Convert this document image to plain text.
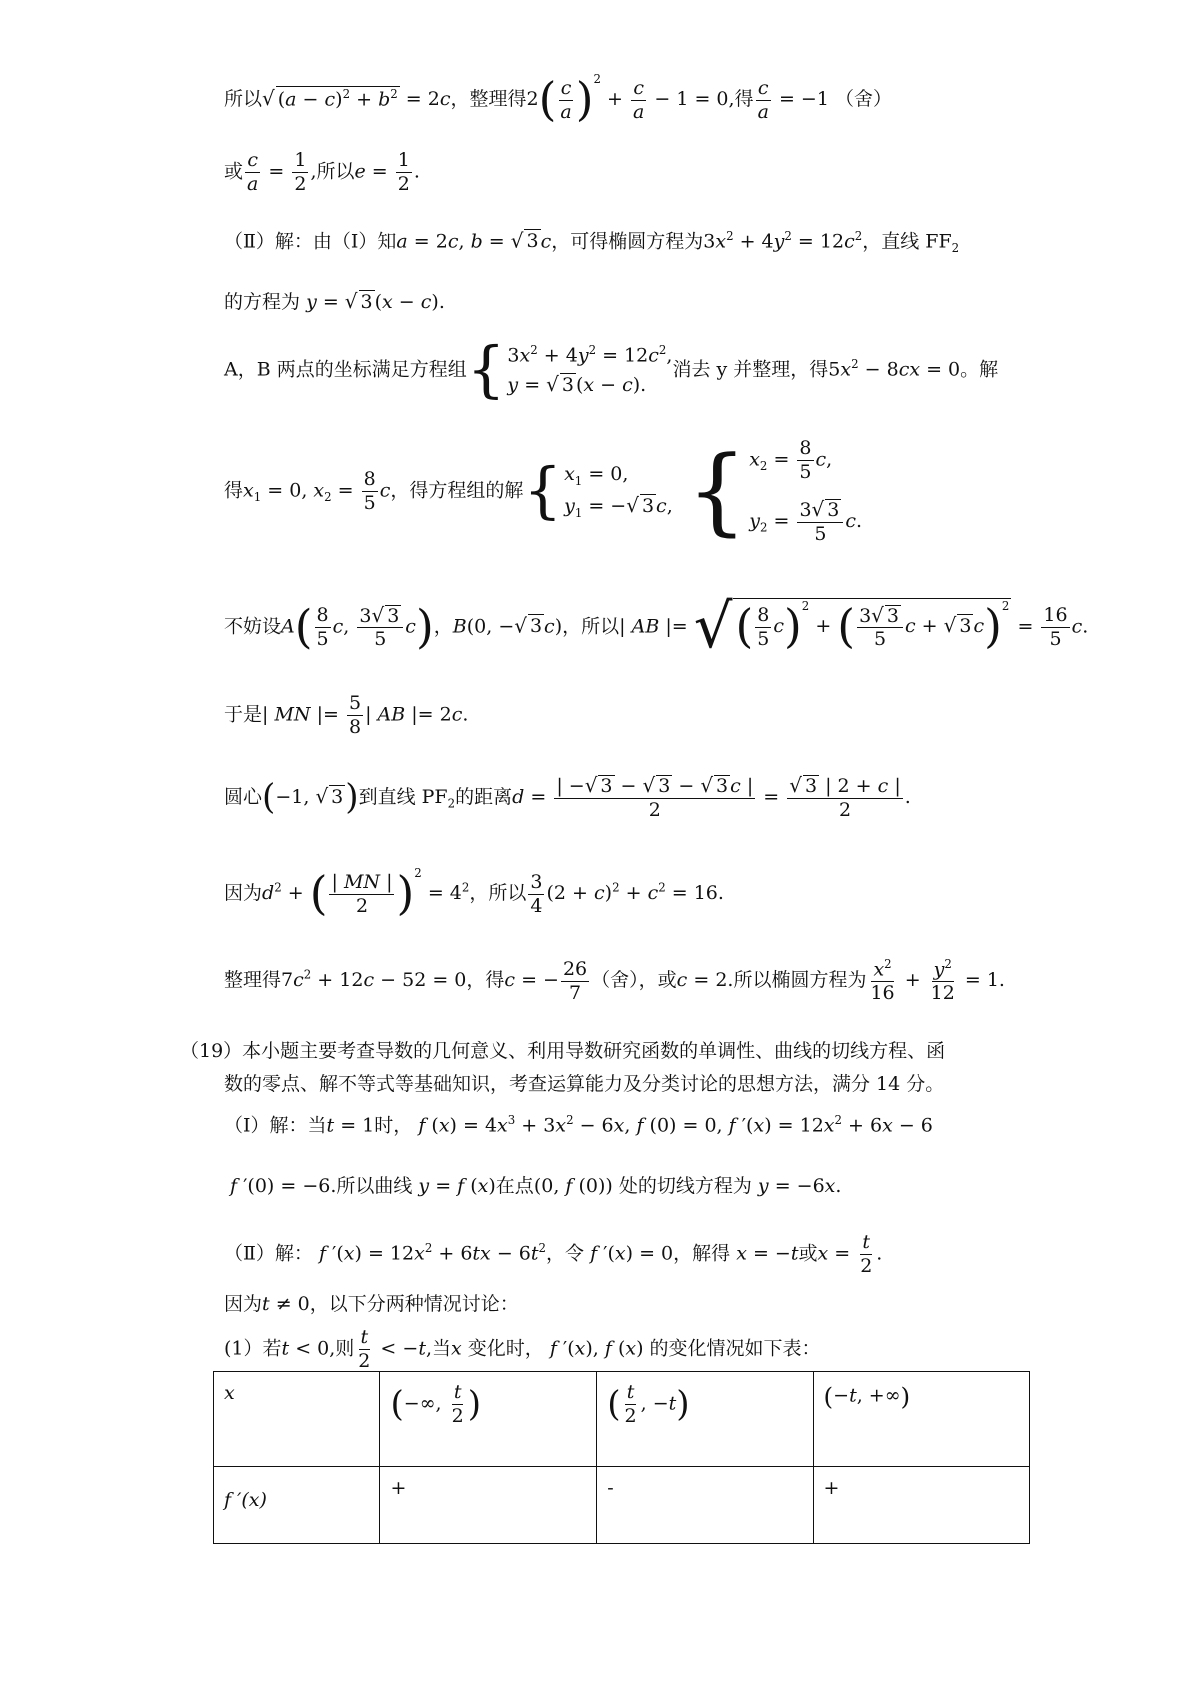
所以√ $(a - c)^2 + b^2 = 2c$，整理得$2( \frac{c}{a} )^2 + \frac{c}{a} - 1 = 0$,得 $\frac{c}{a} = -1$ （舍）
或 $\frac{c}{a} = \frac{1}{2}$ ,所以$e = \frac{1}{2}$ .
（Ⅱ）解：由（Ⅰ）知a = 2c, b = √ 3 c，可得椭圆方程为$3x^2 + 4y^2 = 12c^2$，直线 $FF_2$
的方程为 y = √ 3 (x − c).
A，B 两点的坐标满足方程组 { $3x^2 + 4y^2 = 12c^2$,
y = √ 3 (x − c).
消去 y 并整理，得$5x^2 - 8cx = 0$。解
得$x_1 = 0$, $x_2 = \frac{8}{5}$ c，得方程组的解 { $x_1 = 0$,
$y_1$ = −√ 3 c, { $x_2 = \frac{8}{5} c$,
$y_2 = \frac{3√ 3}{5} c$.
不妨设$A( \frac{8}{5} c$, $\frac{3√ 3}{5} c$)，B(0, −√ 3 c)，所以| AB |= √( $\frac{8}{5} c)^2$ + ( $\frac{3√ 3}{5}$ c + √ 3 $c)^2 = \frac{16}{5} c$.
于是| MN |= $\frac{5}{8}$ | AB |= 2c.
圆心(−1, √ 3)到直线 $PF_2$的距离$d = \frac{| -√ 3 - √ 3 - √ 3 c |}{2} = \frac{√ 3 | 2 + c |}{2}$ .
因为$d^2$ + ( $\frac{| MN |}{2} )^2 = 4^2$，所以 $\frac{3}{4} (2 + c)^2 + c^2 = 16$.
整理得$7c^2 + 12c - 52 = 0$，得c = − $\frac{26}{7}$ （舍），或c = 2.所以椭圆方程为 $\frac{x^2}{16} + \frac{y^2}{12} = 1$.
（19）本小题主要考查导数的几何意义、利用导数研究函数的单调性、曲线的切线方程、函
数的零点、解不等式等基础知识，考查运算能力及分类讨论的思想方法，满分 14 分。
（Ⅰ）解：当t = 1时， f $(x) = 4x^3 + 3x^2 - 6x$, f (0) = 0, f $'(x) = 12x^2 + 6x - 6$
f ′(0) = −6.所以曲线 y = f (x)在点(0, f (0)) 处的切线方程为 y = −6x.
（Ⅱ）解： f $'(x) = 12x^2 + 6tx - 6t^2$，令 f ′(x) = 0，解得 x = −t或$x = \frac{t}{2}$ .
因为t ≠ 0，以下分两种情况讨论：
(1）若t < 0,则 $\frac{t}{2} < -t$,当x 变化时， f ′(x), f (x) 的变化情况如下表：
x	(−∞, $\frac{t}{2}$ )	( $\frac{t}{2}$ , −t)	(−t, +∞)
f ′(x)	+	-	+
